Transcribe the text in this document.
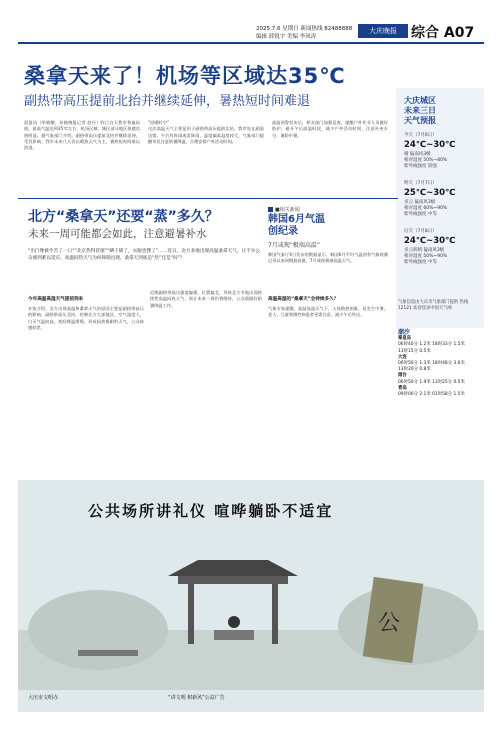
2025.7.6 星期日 新闻热线 82488888
编辑 薛锐宇 美编 李凤涛
大庆晚报	综合 A07
桑拿天来了！机场等区域达35℃
副热带高压提前北抬并继续延伸，暑热短时间难退
晨报讯（毕晓鹏、孙晓梅报记者 赵丹）昨日白天我市普遍闷热，最高气温达到35℃左右，机场区域、城区部分地区体感炎热明显。据气象部门介绍，副热带高压提前北抬并继续延伸，受其影响，我市未来几天仍以晴热天气为主，暑热短时间难以消退。
“回暖时空”
这次高温天气主要是由于副热带高压提前北抬，我市处在副高边缘，午后有阵雨或雷阵雨，温度偏高湿度较大，气象部门提醒市民注意防暑降温，合理安排户外活动时间。
高温预警发布后，相关部门加强巡查，提醒户外作业人员做好防护，避开午后高温时段，减少户外活动时间，注意补充水分，谨防中暑。
大庆城区
未来三日
天气预报
今天（7月6日）
24℃~30℃
晴 偏南风3级
相对湿度 50%~80%
紫外线强度 较强
明天（7月7日）
25℃~30℃
多云 偏南风3级
相对湿度 60%~90%
紫外线强度 中等
后天（7月8日）
24℃~30℃
多云转晴 偏南风3级
相对湿度 50%~90%
紫外线强度 中等
北方“桑拿天”还要“蒸”多久？
未来一周可能都会如此，注意避暑补水
“出门像被牛舌了一口”“北京热得冒烟”“晒干锦了，衣服也馊了”……近日，北方多地出现高温桑拿天气，让不少公众感到难以适应。高温闷热天气为何频频出现，桑拿天到底是“热”还是“闷”？
今年高温高湿天气提前到来
专家介绍，北方出现高温和桑拿天气的原因主要是副热带高压的影响。副热带高压北抬，控制北方大部地区，空气湿度大，白天气温较高，夜间降温缓慢，形成闷热难耐的天气，公众体感较差。
近期副热带高压强度偏强，位置偏北，导致北方多地出现持续性高温闷热天气，预计未来一周仍将维持，公众需做好防暑降温工作。
高温高湿的“桑拿天”会持续多久？
气象专家提醒，高温高湿天气下，人体散热困难，易发生中暑，老人、儿童和慢性病患者更需注意，减少午后外出。
■相关新闻
韩国6月气温
创纪录
7月或现“极端高温”
韩国气象厅4日发布的数据显示，韩国6月平均气温创有气象观测记录以来同期最高值，7月或现极端高温天气。
气象信息由大庆市气象部门提供 热线 12121 欢迎登录中国天气网
潮汐
秦皇岛
06时40分 1.2米 18时33分 1.5米
13时15分 0.5米
大连
06时50分 1.3米 18时48分 3.6米
13时20分 0.8米
烟台
06时50分 1.9米 13时25分 0.5米
青岛
09时00分 2.1米 01时58分 1.5米
公
公共场所讲礼仪 喧哗躺卧不适宜
大庆市文明办	“讲文明 树新风”公益广告
